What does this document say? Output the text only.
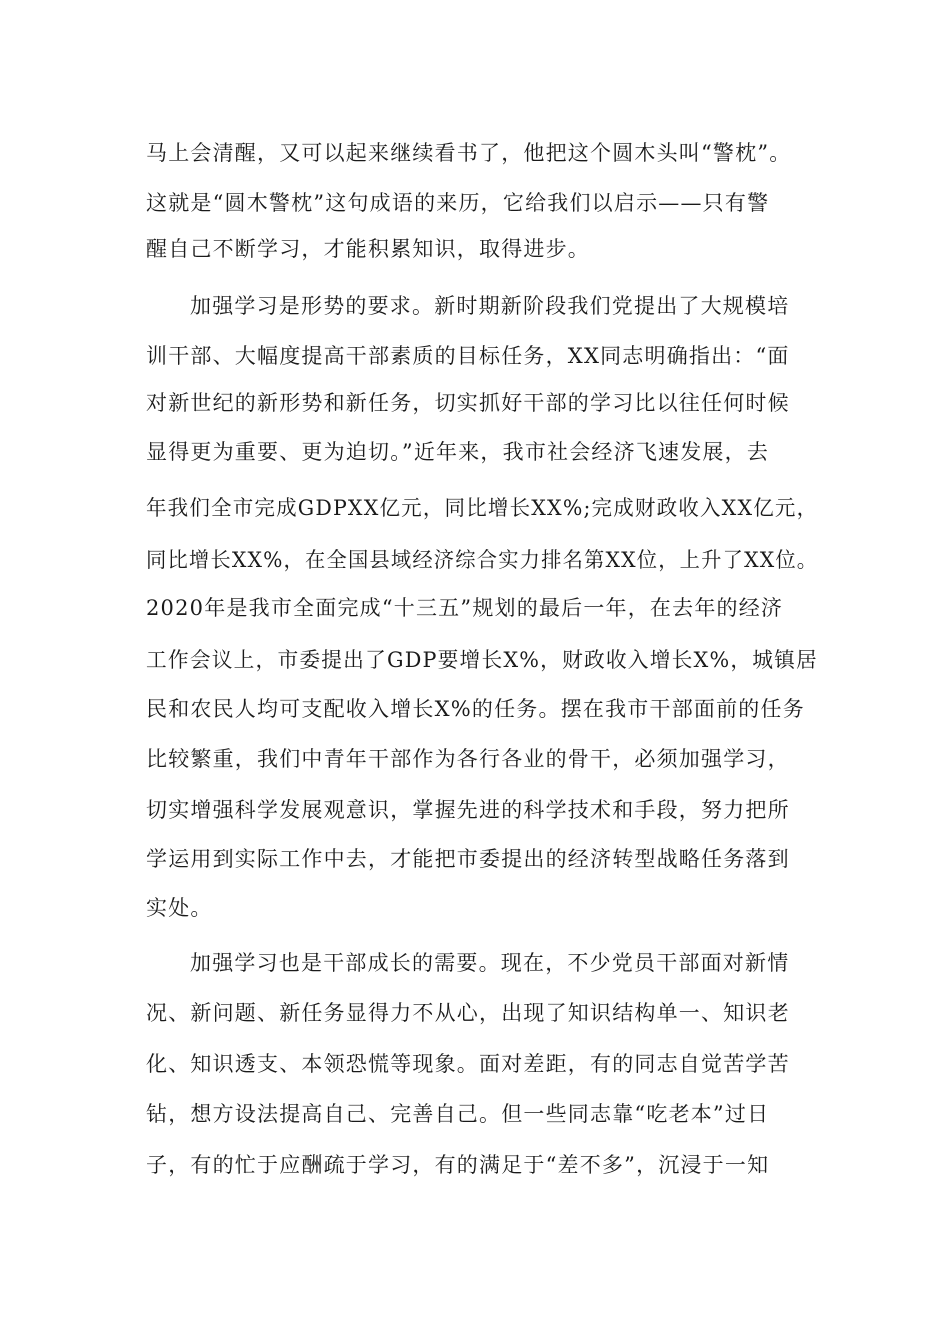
马上会清醒，又可以起来继续看书了，他把这个圆木头叫“警枕”。
这就是“圆木警枕”这句成语的来历，它给我们以启示——只有警
醒自己不断学习，才能积累知识，取得进步。
加强学习是形势的要求。新时期新阶段我们党提出了大规模培
训干部、大幅度提高干部素质的目标任务，XX同志明确指出：“面
对新世纪的新形势和新任务，切实抓好干部的学习比以往任何时候
显得更为重要、更为迫切。”近年来，我市社会经济飞速发展，去
年我们全市完成GDPXX亿元，同比增长XX%;完成财政收入XX亿元，
同比增长XX%，在全国县域经济综合实力排名第XX位，上升了XX位。
2020年是我市全面完成“十三五”规划的最后一年，在去年的经济
工作会议上，市委提出了GDP要增长X%，财政收入增长X%，城镇居
民和农民人均可支配收入增长X%的任务。摆在我市干部面前的任务
比较繁重，我们中青年干部作为各行各业的骨干，必须加强学习，
切实增强科学发展观意识，掌握先进的科学技术和手段，努力把所
学运用到实际工作中去，才能把市委提出的经济转型战略任务落到
实处。
加强学习也是干部成长的需要。现在，不少党员干部面对新情
况、新问题、新任务显得力不从心，出现了知识结构单一、知识老
化、知识透支、本领恐慌等现象。面对差距，有的同志自觉苦学苦
钻，想方设法提高自己、完善自己。但一些同志靠“吃老本”过日
子，有的忙于应酬疏于学习，有的满足于“差不多”，沉浸于一知
